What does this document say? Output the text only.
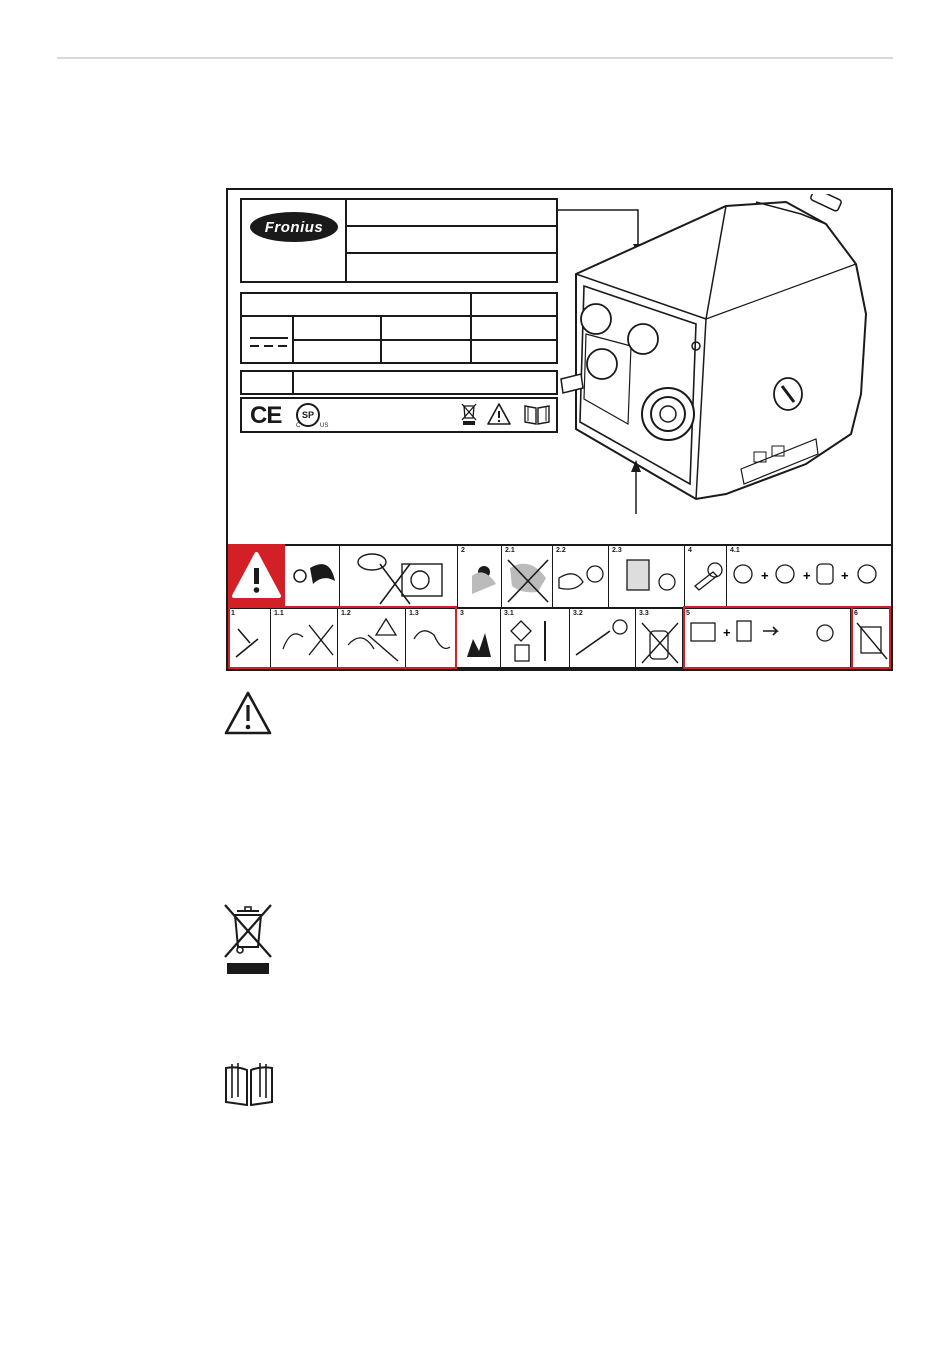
Fronius
CE	SP
C	US
2	2.1	2.2	2.3	4	4.1
+	+ +
1	1.1	1.2	1.3	3	3.1	3.2	3.3	5
+
6
